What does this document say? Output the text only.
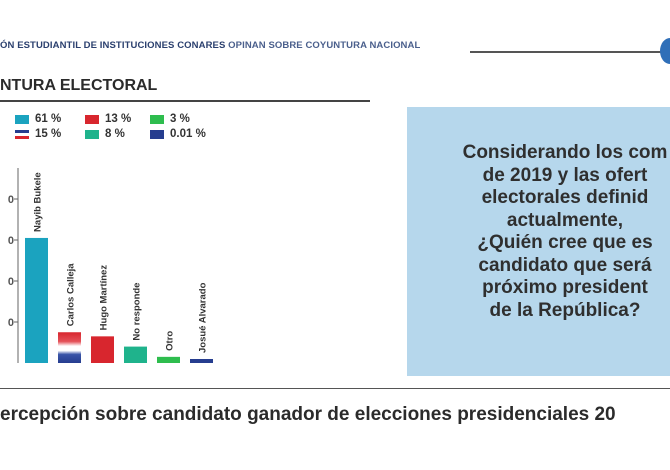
ÓN ESTUDIANTIL DE INSTITUCIONES CONARES OPINAN SOBRE COYUNTURA NACIONAL
NTURA ELECTORAL
61 %	13 %	3 %
15 %	8 %	0.01 %
0
0
0
0 Nayib Bukele
Carlos Calleja Hugo Martínez No responde
Otro Josué Alvarado
Considerando los com
de 2019 y las ofert
electorales definid
actualmente,
¿Quién cree que es
candidato que será
próximo president
de la República?
ercepción sobre candidato ganador de elecciones presidenciales 20
